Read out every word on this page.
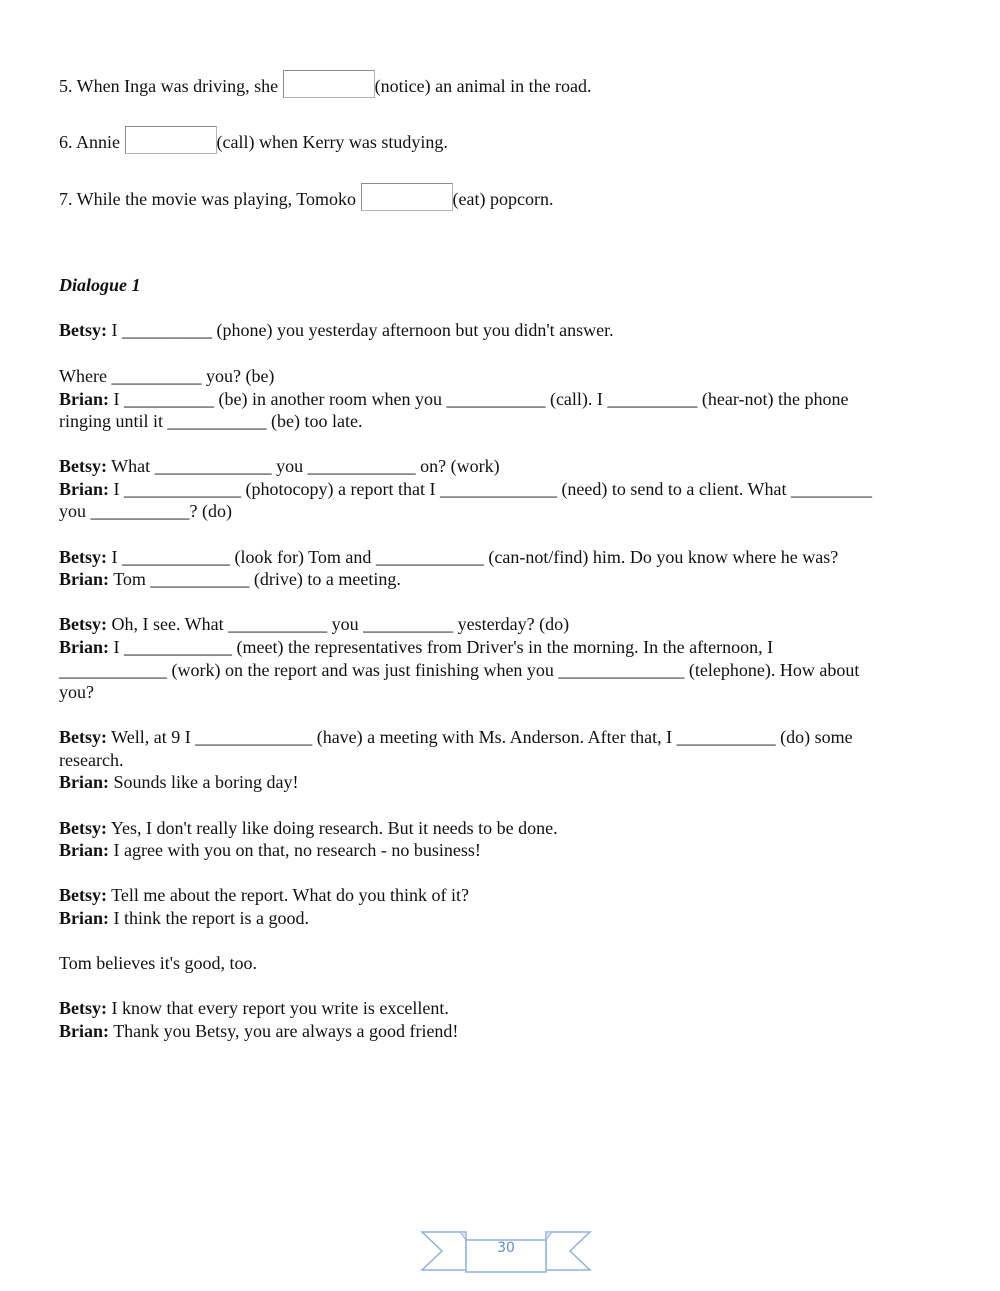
5. When Inga was driving, she	(notice) an animal in the road.
6. Annie	(call) when Kerry was studying.
7. While the movie was playing, Tomoko	(eat) popcorn.
Dialogue 1
Betsy: I __________ (phone) you yesterday afternoon but you didn't answer.
Where __________ you? (be)
Brian: I __________ (be) in another room when you ___________ (call). I __________ (hear-not) the phone
ringing until it ___________ (be) too late.
Betsy: What _____________ you ____________ on? (work)
Brian: I _____________ (photocopy) a report that I _____________ (need) to send to a client. What _________
you ___________? (do)
Betsy: I ____________ (look for) Tom and ____________ (can-not/find) him. Do you know where he was?
Brian: Tom ___________ (drive) to a meeting.
Betsy: Oh, I see. What ___________ you __________ yesterday? (do)
Brian: I ____________ (meet) the representatives from Driver's in the morning. In the afternoon, I
____________ (work) on the report and was just finishing when you ______________ (telephone). How about
you?
Betsy: Well, at 9 I _____________ (have) a meeting with Ms. Anderson. After that, I ___________ (do) some
research.
Brian: Sounds like a boring day!
Betsy: Yes, I don't really like doing research. But it needs to be done.
Brian: I agree with you on that, no research - no business!
Betsy: Tell me about the report. What do you think of it?
Brian: I think the report is a good.
Tom believes it's good, too.
Betsy: I know that every report you write is excellent.
Brian: Thank you Betsy, you are always a good friend!
30
